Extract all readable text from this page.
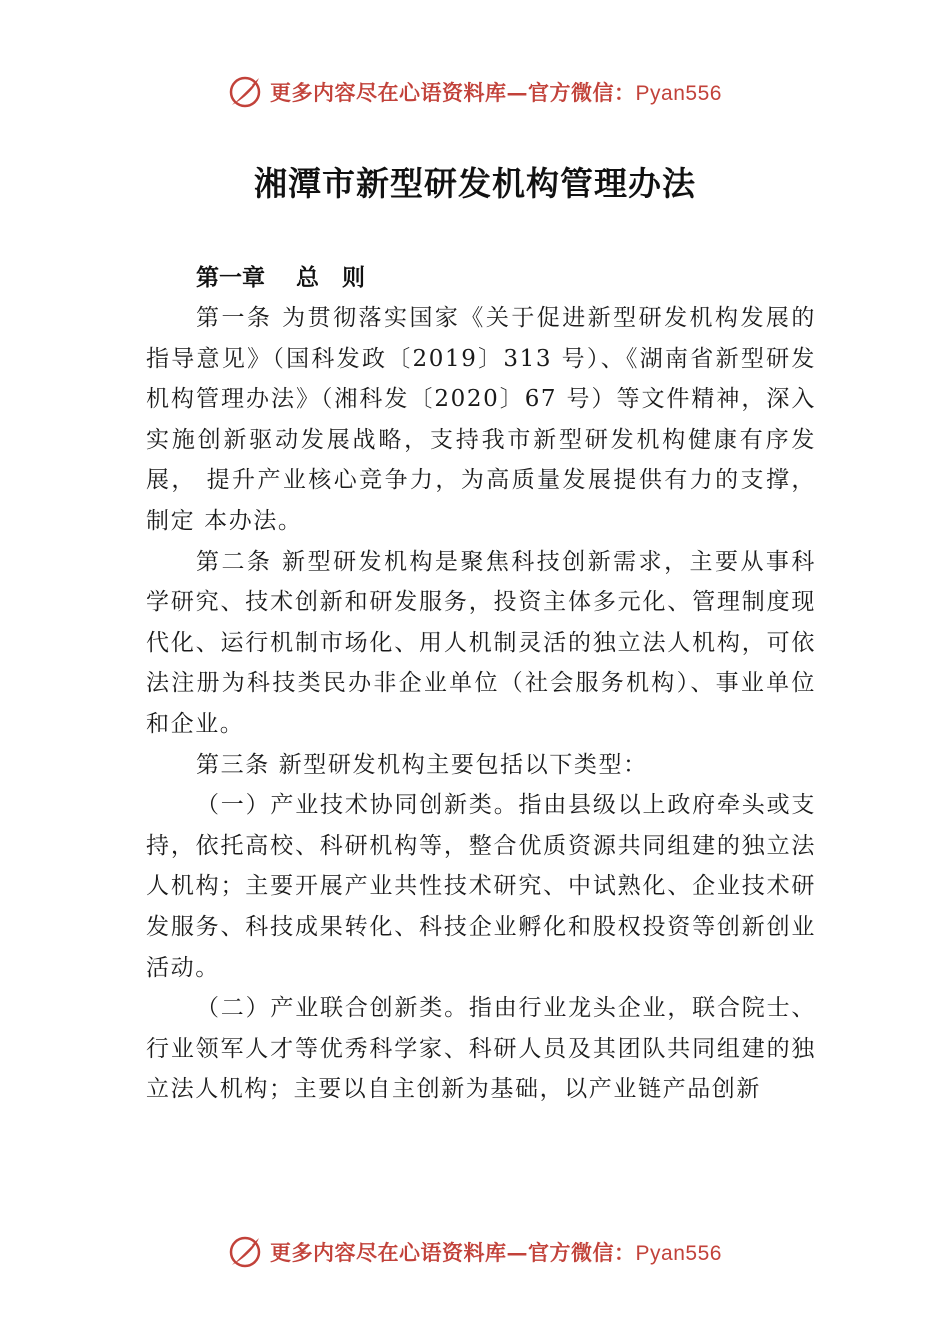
更多内容尽在心语资料库—官方微信：Pyan556
湘潭市新型研发机构管理办法

第一章　 总　则

第一条 为贯彻落实国家《关于促进新型研发机构发展的指导意见》（国科发政〔2019〕313 号）、《湖南省新型研发机构管理办法》（湘科发〔2020〕67 号）等文件精神，深入实施创新驱动发展战略，支持我市新型研发机构健康有序发展， 提升产业核心竞争力，为高质量发展提供有力的支撑，制定 本办法。

第二条 新型研发机构是聚焦科技创新需求，主要从事科学研究、技术创新和研发服务，投资主体多元化、管理制度现代化、运行机制市场化、用人机制灵活的独立法人机构，可依法注册为科技类民办非企业单位（社会服务机构）、事业单位和企业。

第三条 新型研发机构主要包括以下类型：

（一）产业技术协同创新类。指由县级以上政府牵头或支持，依托高校、科研机构等，整合优质资源共同组建的独立法人机构；主要开展产业共性技术研究、中试熟化、企业技术研发服务、科技成果转化、科技企业孵化和股权投资等创新创业活动。

（二）产业联合创新类。指由行业龙头企业，联合院士、行业领军人才等优秀科学家、科研人员及其团队共同组建的独立法人机构；主要以自主创新为基础，以产业链产品创新

更多内容尽在心语资料库—官方微信：Pyan556
